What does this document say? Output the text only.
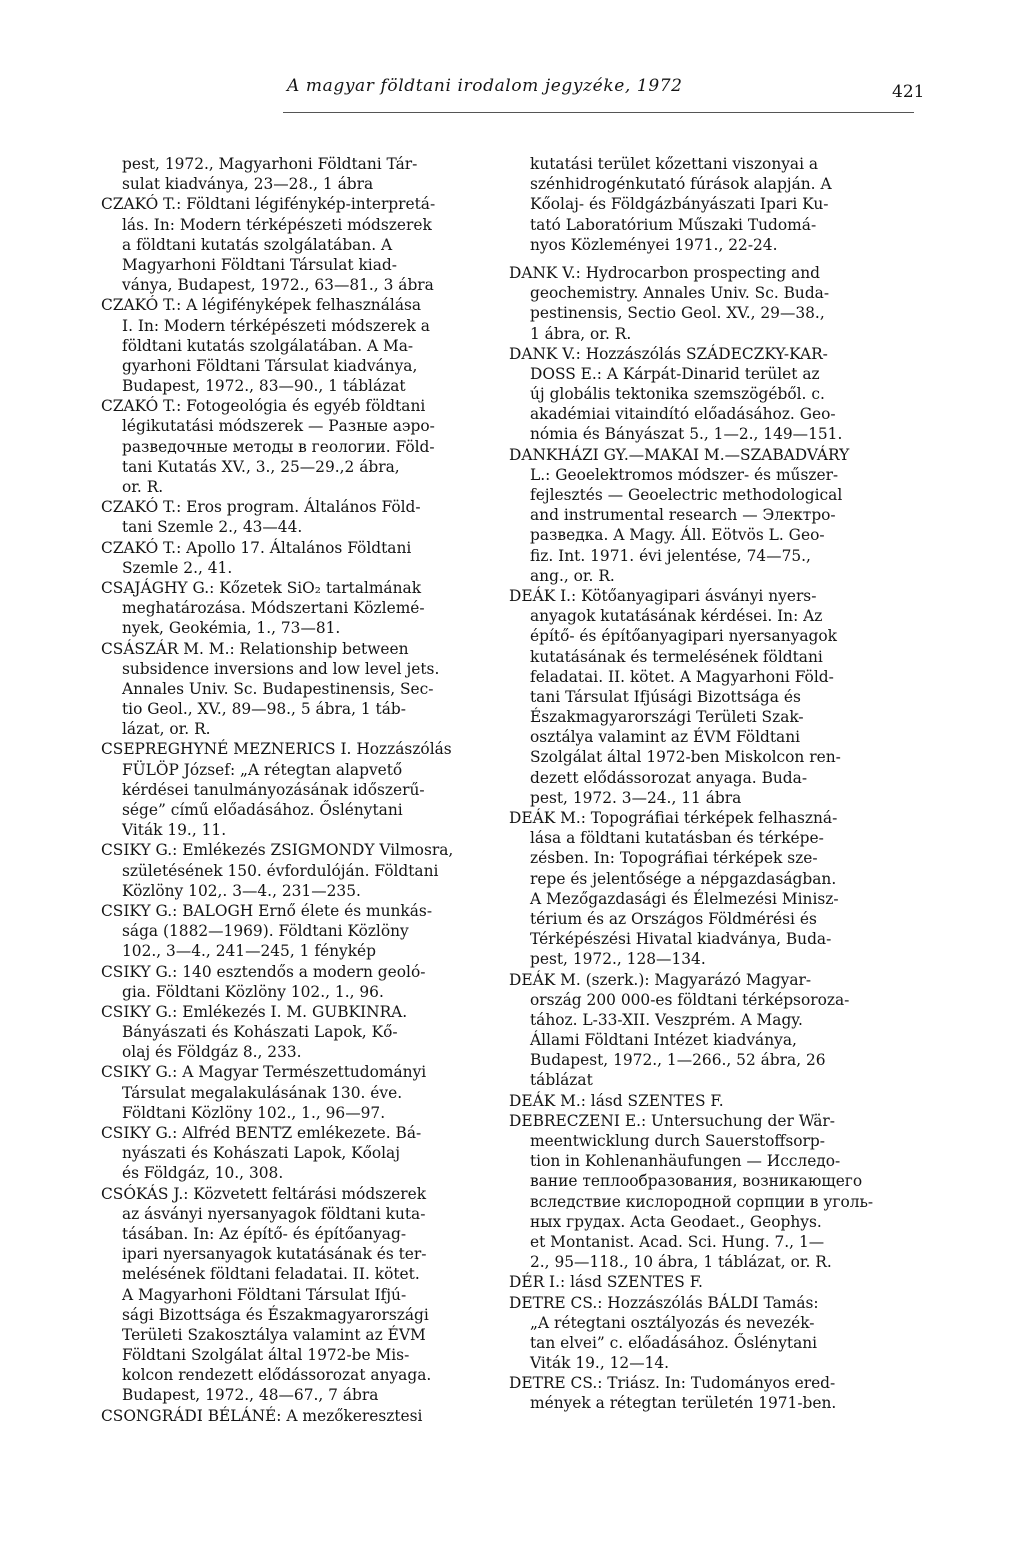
A magyar földtani irodalom jegyzéke, 1972	421
pest, 1972., Magyarhoni Földtani Tár-
sulat kiadványa, 23—28., 1 ábra
CZAKÓ T.: Földtani légifénykép-interpretá-
lás. In: Modern térképészeti módszerek
a földtani kutatás szolgálatában. A
Magyarhoni Földtani Társulat kiad-
ványa, Budapest, 1972., 63—81., 3 ábra
CZAKÓ T.: A légifényképek felhasználása
I. In: Modern térképészeti módszerek a
földtani kutatás szolgálatában. A Ma-
gyarhoni Földtani Társulat kiadványa,
Budapest, 1972., 83—90., 1 táblázat
CZAKÓ T.: Fotogeológia és egyéb földtani
légikutatási módszerek — Разные аэро-
разведочные методы в геологии. Föld-
tani Kutatás XV., 3., 25—29.,2 ábra,
or. R.
CZAKÓ T.: Eros program. Általános Föld-
tani Szemle 2., 43—44.
CZAKÓ T.: Apollo 17. Általános Földtani
Szemle 2., 41.
CSAJÁGHY G.: Kőzetek SiO₂ tartalmának
meghatározása. Módszertani Közlemé-
nyek, Geokémia, 1., 73—81.
CSÁSZÁR M. M.: Relationship between
subsidence inversions and low level jets.
Annales Univ. Sc. Budapestinensis, Sec-
tio Geol., XV., 89—98., 5 ábra, 1 táb-
lázat, or. R.
CSEPREGHYNÉ MEZNERICS I. Hozzászólás
FÜLÖP József: „A rétegtan alapvető
kérdései tanulmányozásának időszerű-
sége” című előadásához. Őslénytani
Viták 19., 11.
CSIKY G.: Emlékezés ZSIGMONDY Vilmosra,
születésének 150. évfordulóján. Földtani
Közlöny 102,. 3—4., 231—235.
CSIKY G.: BALOGH Ernő élete és munkás-
sága (1882—1969). Földtani Közlöny
102., 3—4., 241—245, 1 fénykép
CSIKY G.: 140 esztendős a modern geoló-
gia. Földtani Közlöny 102., 1., 96.
CSIKY G.: Emlékezés I. M. GUBKINRA.
Bányászati és Kohászati Lapok, Kő-
olaj és Földgáz 8., 233.
CSIKY G.: A Magyar Természettudományi
Társulat megalakulásának 130. éve.
Földtani Közlöny 102., 1., 96—97.
CSIKY G.: Alfréd BENTZ emlékezete. Bá-
nyászati és Kohászati Lapok, Kőolaj
és Földgáz, 10., 308.
CSÓKÁS J.: Közvetett feltárási módszerek
az ásványi nyersanyagok földtani kuta-
tásában. In: Az építő- és építőanyag-
ipari nyersanyagok kutatásának és ter-
melésének földtani feladatai. II. kötet.
A Magyarhoni Földtani Társulat Ifjú-
sági Bizottsága és Északmagyarországi
Területi Szakosztálya valamint az ÉVM
Földtani Szolgálat által 1972-be Mis-
kolcon rendezett elődássorozat anyaga.
Budapest, 1972., 48—67., 7 ábra
CSONGRÁDI BÉLÁNÉ: A mezőkeresztesi
kutatási terület kőzettani viszonyai a
szénhidrogénkutató fúrások alapján. A
Kőolaj- és Földgázbányászati Ipari Ku-
tató Laboratórium Műszaki Tudomá-
nyos Közleményei 1971., 22-24.
DANK V.: Hydrocarbon prospecting and
geochemistry. Annales Univ. Sc. Buda-
pestinensis, Sectio Geol. XV., 29—38.,
1 ábra, or. R.
DANK V.: Hozzászólás SZÁDECZKY-KAR-
DOSS E.: A Kárpát-Dinarid terület az
új globális tektonika szemszögéből. c.
akadémiai vitaindító előadásához. Geo-
nómia és Bányászat 5., 1—2., 149—151.
DANKHÁZI GY.—MAKAI M.—SZABADVÁRY
L.: Geoelektromos módszer- és műszer-
fejlesztés — Geoelectric methodological
and instrumental research — Электро-
разведка. A Magy. Áll. Eötvös L. Geo-
fiz. Int. 1971. évi jelentése, 74—75.,
ang., or. R.
DEÁK I.: Kötőanyagipari ásványi nyers-
anyagok kutatásának kérdései. In: Az
építő- és építőanyagipari nyersanyagok
kutatásának és termelésének földtani
feladatai. II. kötet. A Magyarhoni Föld-
tani Társulat Ifjúsági Bizottsága és
Északmagyarországi Területi Szak-
osztálya valamint az ÉVM Földtani
Szolgálat által 1972-ben Miskolcon ren-
dezett elődássorozat anyaga. Buda-
pest, 1972. 3—24., 11 ábra
DEÁK M.: Topográfiai térképek felhaszná-
lása a földtani kutatásban és térképe-
zésben. In: Topográfiai térképek sze-
repe és jelentősége a népgazdaságban.
A Mezőgazdasági és Élelmezési Minisz-
térium és az Országos Földmérési és
Térképészési Hivatal kiadványa, Buda-
pest, 1972., 128—134.
DEÁK M. (szerk.): Magyarázó Magyar-
ország 200 000-es földtani térképsoroza-
tához. L-33-XII. Veszprém. A Magy.
Állami Földtani Intézet kiadványa,
Budapest, 1972., 1—266., 52 ábra, 26
táblázat
DEÁK M.: lásd SZENTES F.
DEBRECZENI E.: Untersuchung der Wär-
meentwicklung durch Sauerstoffsorp-
tion in Kohlenanhäufungen — Исследо-
вание теплообразования, возникающего
вследствие кислородной сорпции в уголь-
ных грудах. Acta Geodaet., Geophys.
et Montanist. Acad. Sci. Hung. 7., 1—
2., 95—118., 10 ábra, 1 táblázat, or. R.
DÉR I.: lásd SZENTES F.
DETRE CS.: Hozzászólás BÁLDI Tamás:
„A rétegtani osztályozás és nevezék-
tan elvei” c. előadásához. Őslénytani
Viták 19., 12—14.
DETRE CS.: Triász. In: Tudományos ered-
mények a rétegtan területén 1971-ben.
